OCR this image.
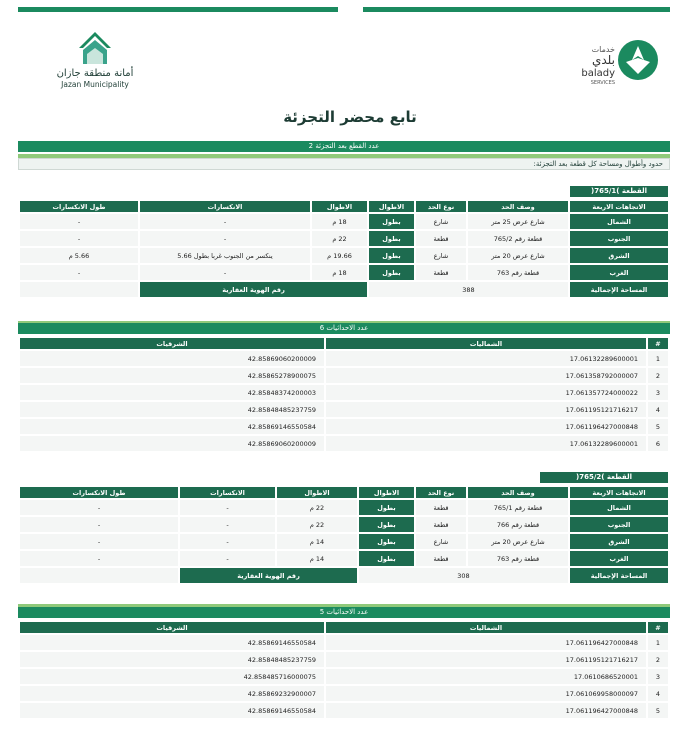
خدمات
بلدي
balady
SERVICES
أمانة منطقة جازان
Jazan Municipality
تابع محضر التجزئة
عدد القطع بعد التجزئة 2
حدود وأطوال ومساحة كل قطعة بعد التجزئة:
القطعة )765/1(
الاتجاهات الاربعة	وصف الحد	نوع الحد	الاطوال	الاطوال	الانكسارات	طول الانكسارات
الشمال	شارع عرض 25 متر	شارع	بطول	18 م	-	-
الجنوب	قطعة رقم 765/2	قطعة	بطول	22 م	-	-
الشرق	شارع عرض 20 متر	شارع	بطول	19.66 م	ينكسر من الجنوب غربا بطول 5.66	5.66 م
الغرب	قطعة رقم 763	قطعة	بطول	18 م	-	-
المساحة الإجمالية	388			رقم الهوية العقارية		
عدد الاحداثيات 6
#	الشماليات	الشرقيات
1	17.06132289600001	42.85869060200009
2	17.061358792000007	42.85865278900075
3	17.061357724000022	42.85848374200003
4	17.061195121716217	42.85848485237759
5	17.061196427000848	42.85869146550584
6	17.06132289600001	42.85869060200009
القطعة )765/2(
الاتجاهات الاربعة	وصف الحد	نوع الحد	الاطوال	الاطوال	الانكسارات	طول الانكسارات
الشمال	قطعة رقم 765/1	قطعة	بطول	22 م	-	-
الجنوب	قطعة رقم 766	قطعة	بطول	22 م	-	-
الشرق	شارع عرض 20 متر	شارع	بطول	14 م	-	-
الغرب	قطعة رقم 763	قطعة	بطول	14 م	-	-
المساحة الإجمالية	308			رقم الهوية العقارية		
عدد الاحداثيات 5
#	الشماليات	الشرقيات
1	17.061196427000848	42.85869146550584
2	17.061195121716217	42.85848485237759
3	17.0610686520001	42.858485716000075
4	17.061069958000097	42.85869232900007
5	17.061196427000848	42.85869146550584
